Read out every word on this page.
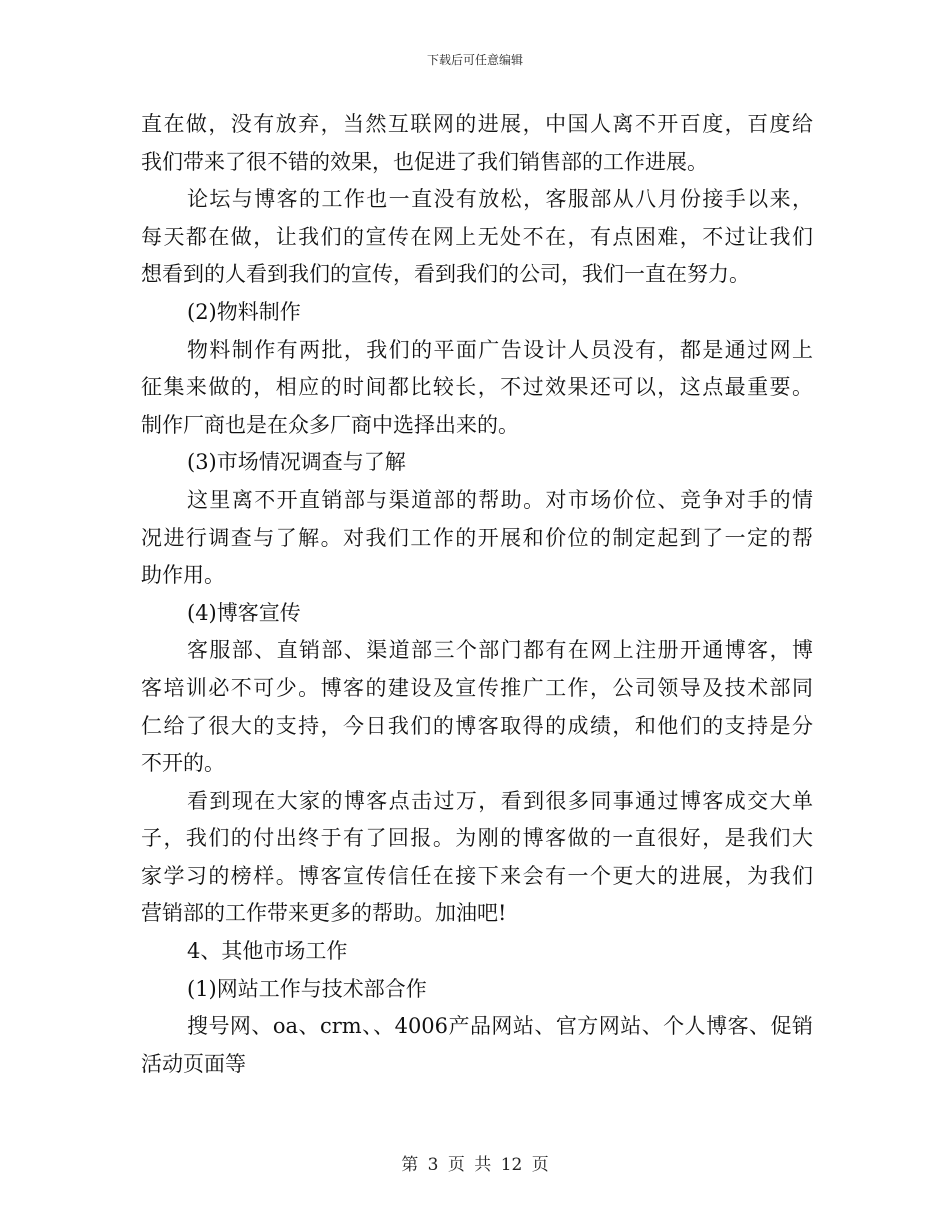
下载后可任意编辑
直在做，没有放弃，当然互联网的进展，中国人离不开百度，百度给
我们带来了很不错的效果，也促进了我们销售部的工作进展。
论坛与博客的工作也一直没有放松，客服部从八月份接手以来，
每天都在做，让我们的宣传在网上无处不在，有点困难，不过让我们
想看到的人看到我们的宣传，看到我们的公司，我们一直在努力。
(2)物料制作
物料制作有两批，我们的平面广告设计人员没有，都是通过网上
征集来做的，相应的时间都比较长，不过效果还可以，这点最重要。
制作厂商也是在众多厂商中选择出来的。
(3)市场情况调查与了解
这里离不开直销部与渠道部的帮助。对市场价位、竞争对手的情
况进行调查与了解。对我们工作的开展和价位的制定起到了一定的帮
助作用。
(4)博客宣传
客服部、直销部、渠道部三个部门都有在网上注册开通博客，博
客培训必不可少。博客的建设及宣传推广工作，公司领导及技术部同
仁给了很大的支持，今日我们的博客取得的成绩，和他们的支持是分
不开的。
看到现在大家的博客点击过万，看到很多同事通过博客成交大单
子，我们的付出终于有了回报。为刚的博客做的一直很好，是我们大
家学习的榜样。博客宣传信任在接下来会有一个更大的进展，为我们
营销部的工作带来更多的帮助。加油吧!
4、其他市场工作
(1)网站工作与技术部合作
搜号网、oa、crm、、4006产品网站、官方网站、个人博客、促销
活动页面等
第 3 页 共 12 页
